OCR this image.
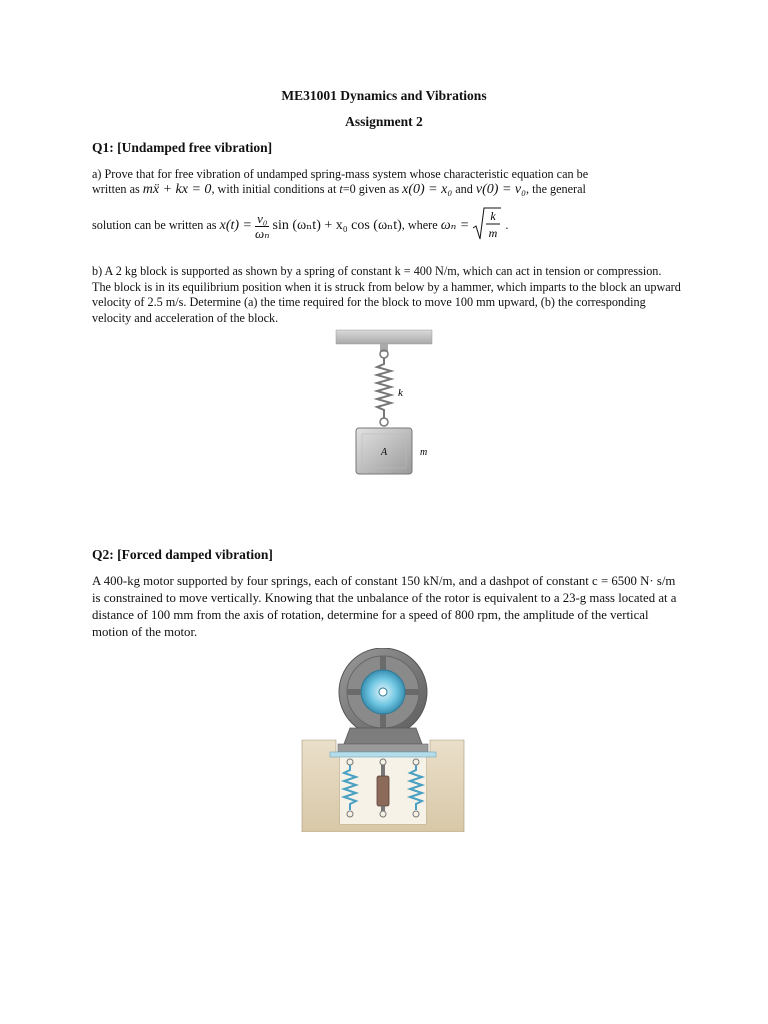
ME31001 Dynamics and Vibrations
Assignment 2
Q1: [Undamped free vibration]
a) Prove that for free vibration of undamped spring-mass system whose characteristic equation can be
written as mẍ + kx = 0, with initial conditions at t=0 given as x(0) = x₀ and v(0) = v₀, the general
solution can be written as $x(t) = \frac{\text{v₀}}{\text{ωₙ}}$ sin (ωₙt) + x₀ cos (ωₙt), where ωₙ =
k
m
.
b) A 2 kg block is supported as shown by a spring of constant k = 400 N/m, which can act in tension or compression. The block is in its equilibrium position when it is struck from below by a hammer, which imparts to the block an upward velocity of 2.5 m/s. Determine (a) the time required for the block to move 100 mm upward, (b) the corresponding velocity and acceleration of the block.
k
A	m
Q2: [Forced damped vibration]
A 400-kg motor supported by four springs, each of constant 150 kN/m, and a dashpot of constant c = 6500 N· s/m is constrained to move vertically. Knowing that the unbalance of the rotor is equivalent to a 23-g mass located at a distance of 100 mm from the axis of rotation, determine for a speed of 800 rpm, the amplitude of the vertical motion of the motor.
